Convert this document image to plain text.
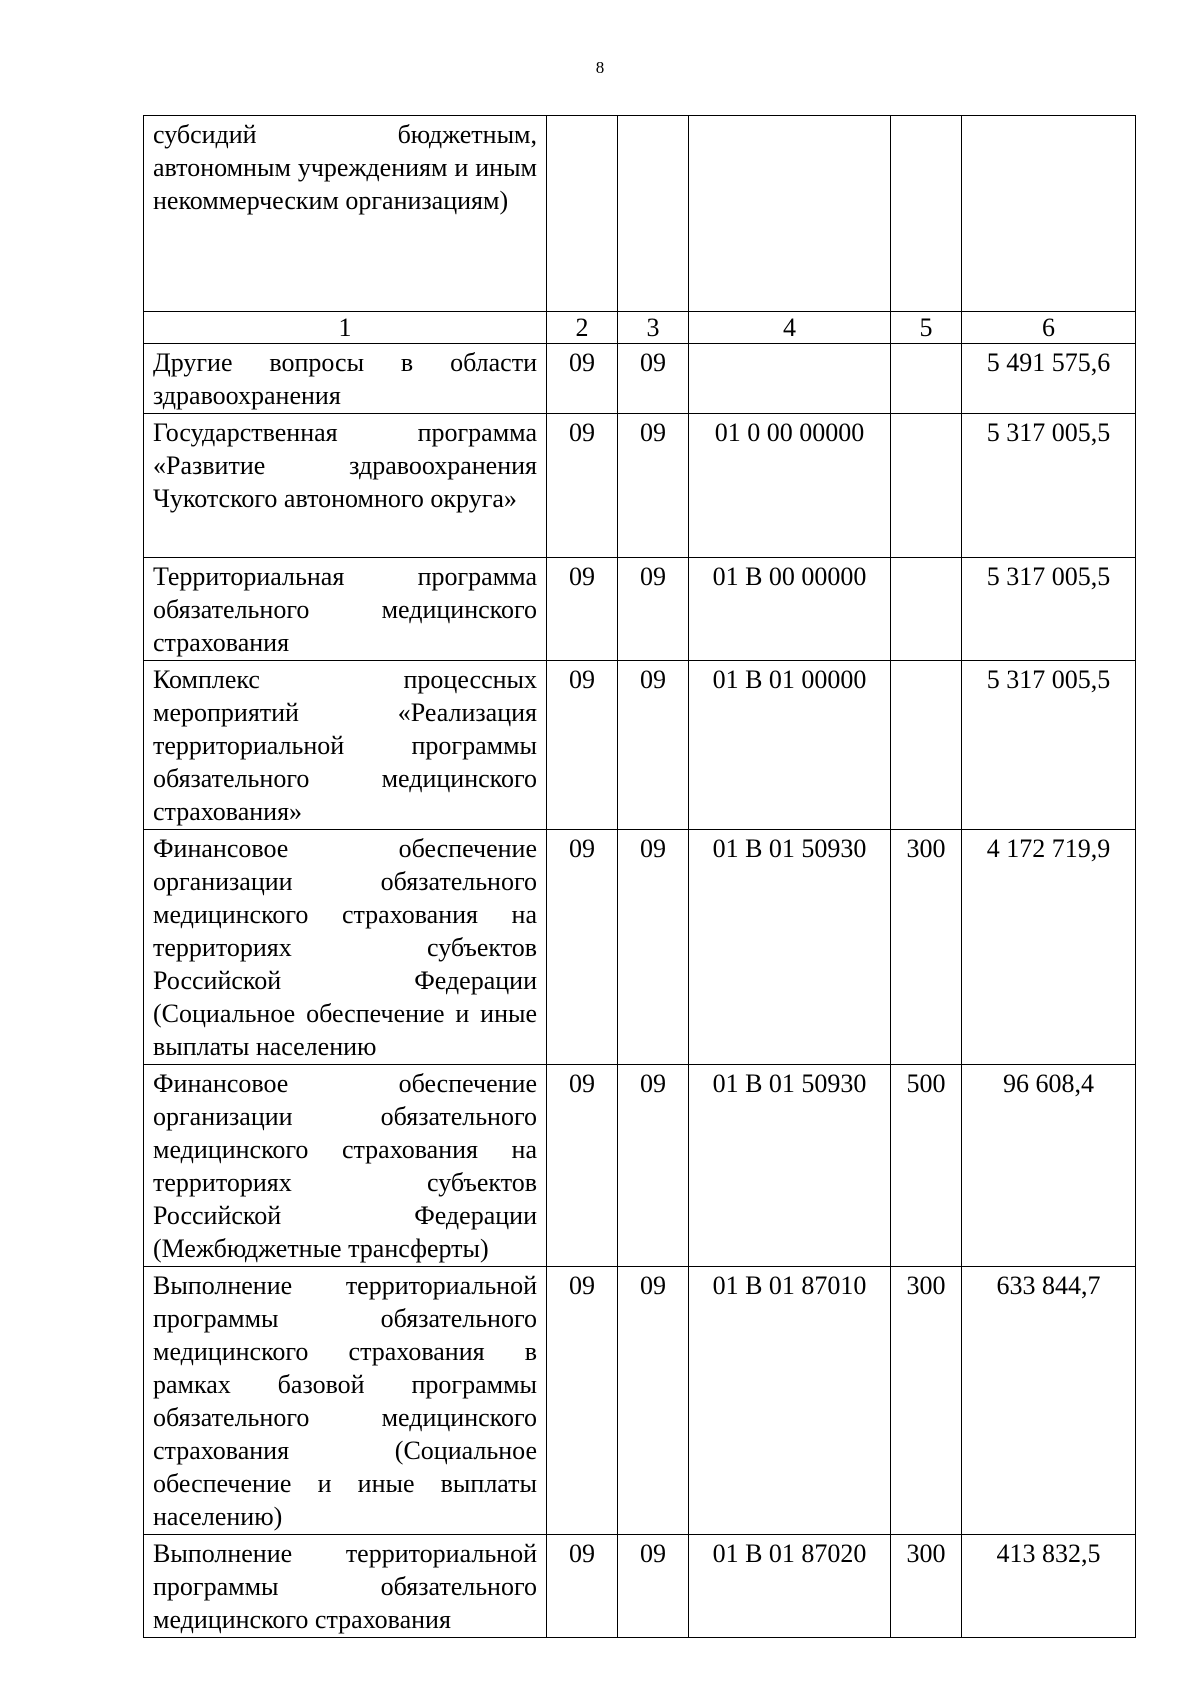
8
субсидий бюджетным, автономным учреждениям и иным некоммерческим организациям)					
1	2	3	4	5	6
Другие вопросы в области здравоохранения	09	09			5 491 575,6
Государственная программа «Развитие здравоохранения Чукотского автономного округа»	09	09	01 0 00 00000		5 317 005,5
Территориальная программа обязательного медицинского страхования	09	09	01 В 00 00000		5 317 005,5
Комплекс процессных мероприятий «Реализация территориальной программы обязательного медицинского страхования»	09	09	01 В 01 00000		5 317 005,5
Финансовое обеспечение организации обязательного медицинского страхования на территориях субъектов Российской Федерации (Социальное обеспечение и иные выплаты населению	09	09	01 В 01 50930	300	4 172 719,9
Финансовое обеспечение организации обязательного медицинского страхования на территориях субъектов Российской Федерации (Межбюджетные трансферты)	09	09	01 В 01 50930	500	96 608,4
Выполнение территориальной программы обязательного медицинского страхования в рамках базовой программы обязательного медицинского страхования (Социальное обеспечение и иные выплаты населению)	09	09	01 В 01 87010	300	633 844,7
Выполнение территориальной программы обязательного медицинского страхования	09	09	01 В 01 87020	300	413 832,5
